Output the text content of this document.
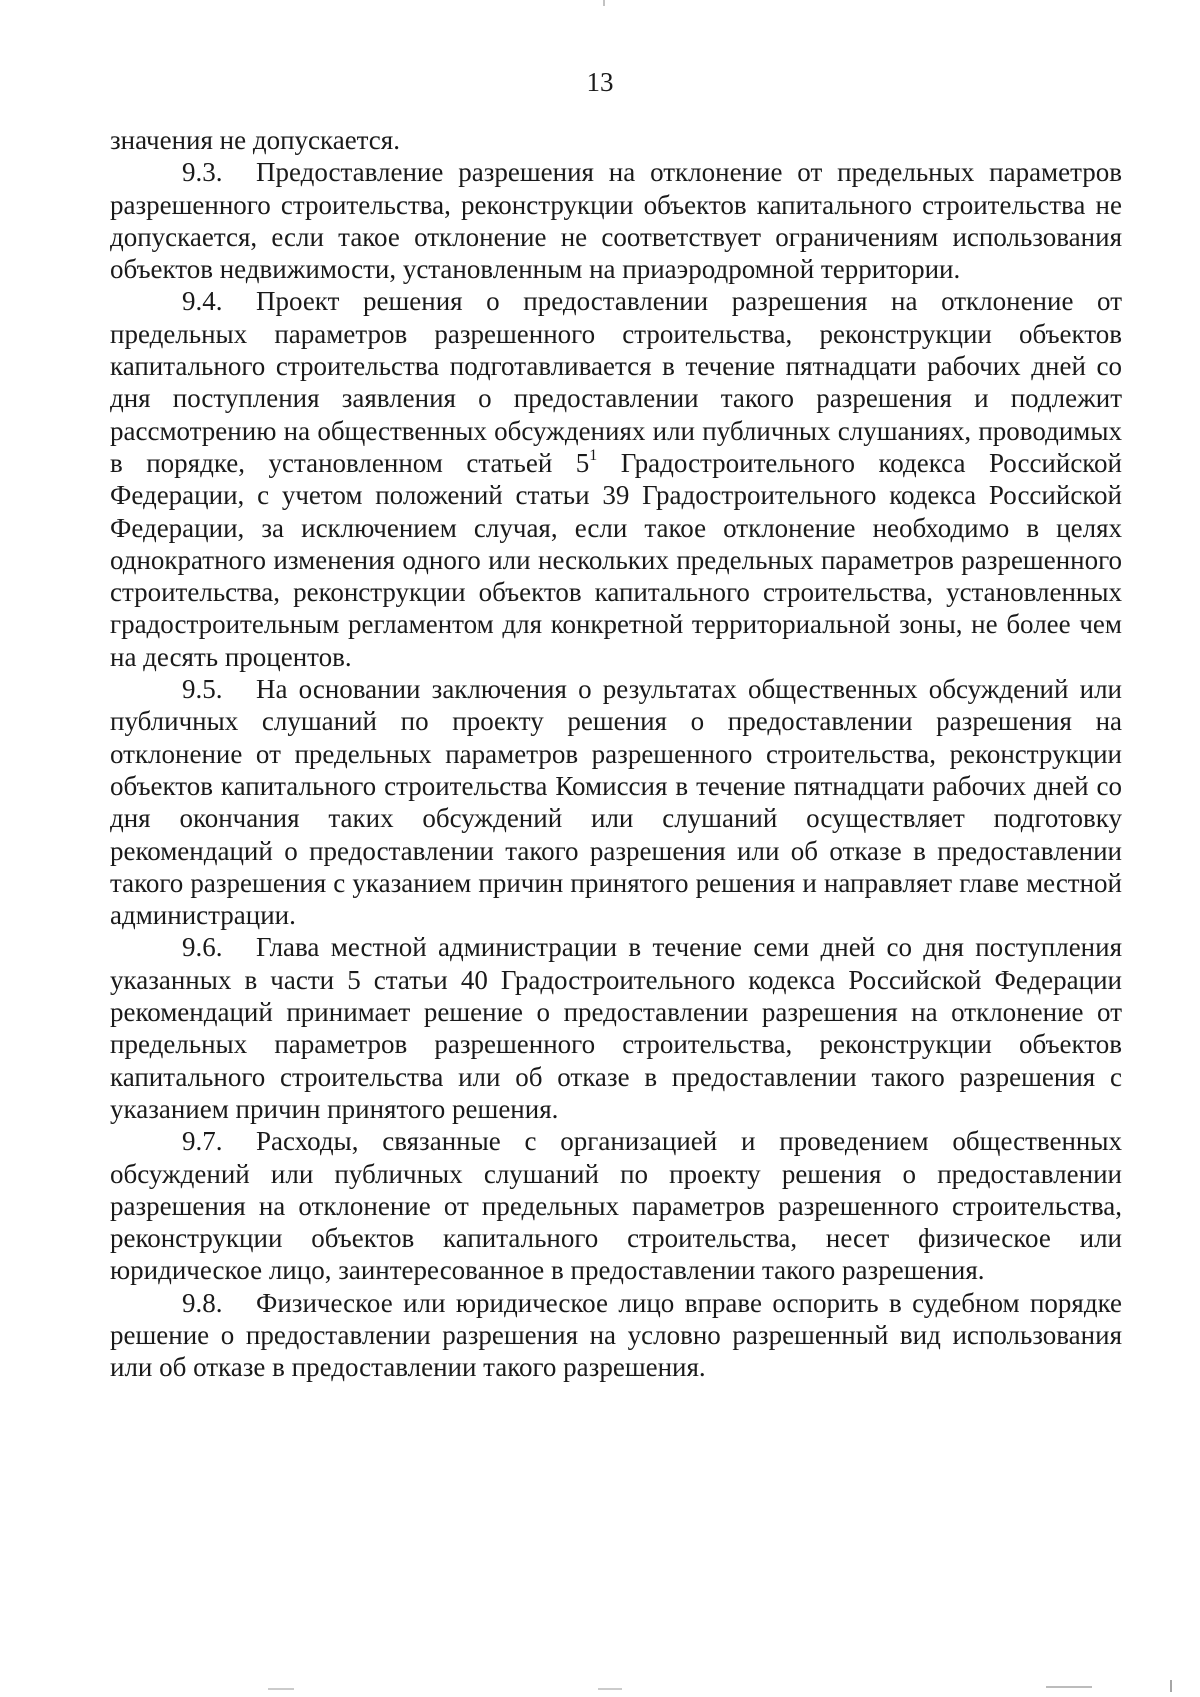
13

значения не допускается.

9.3. Предоставление разрешения на отклонение от предельных параметров разрешенного строительства, реконструкции объектов капитального строительства не допускается, если такое отклонение не соответствует ограничениям использования объектов недвижимости, установленным на приаэродромной территории.

9.4. Проект решения о предоставлении разрешения на отклонение от предельных параметров разрешенного строительства, реконструкции объектов капитального строительства подготавливается в течение пятнадцати рабочих дней со дня поступления заявления о предоставлении такого разрешения и подлежит рассмотрению на общественных обсуждениях или публичных слушаниях, проводимых в порядке, установленном статьей $5^1$ Градостроительного кодекса Российской Федерации, с учетом положений статьи 39 Градостроительного кодекса Российской Федерации, за исключением случая, если такое отклонение необходимо в целях однократного изменения одного или нескольких предельных параметров разрешенного строительства, реконструкции объектов капитального строительства, установленных градостроительным регламентом для конкретной территориальной зоны, не более чем на десять процентов.

9.5. На основании заключения о результатах общественных обсуждений или публичных слушаний по проекту решения о предоставлении разрешения на отклонение от предельных параметров разрешенного строительства, реконструкции объектов капитального строительства Комиссия в течение пятнадцати рабочих дней со дня окончания таких обсуждений или слушаний осуществляет подготовку рекомендаций о предоставлении такого разрешения или об отказе в предоставлении такого разрешения с указанием причин принятого решения и направляет главе местной администрации.

9.6. Глава местной администрации в течение семи дней со дня поступления указанных в части 5 статьи 40 Градостроительного кодекса Российской Федерации рекомендаций принимает решение о предоставлении разрешения на отклонение от предельных параметров разрешенного строительства, реконструкции объектов капитального строительства или об отказе в предоставлении такого разрешения с указанием причин принятого решения.

9.7. Расходы, связанные с организацией и проведением общественных обсуждений или публичных слушаний по проекту решения о предоставлении разрешения на отклонение от предельных параметров разрешенного строительства, реконструкции объектов капитального строительства, несет физическое или юридическое лицо, заинтересованное в предоставлении такого разрешения.

9.8. Физическое или юридическое лицо вправе оспорить в судебном порядке решение о предоставлении разрешения на условно разрешенный вид использования или об отказе в предоставлении такого разрешения.
